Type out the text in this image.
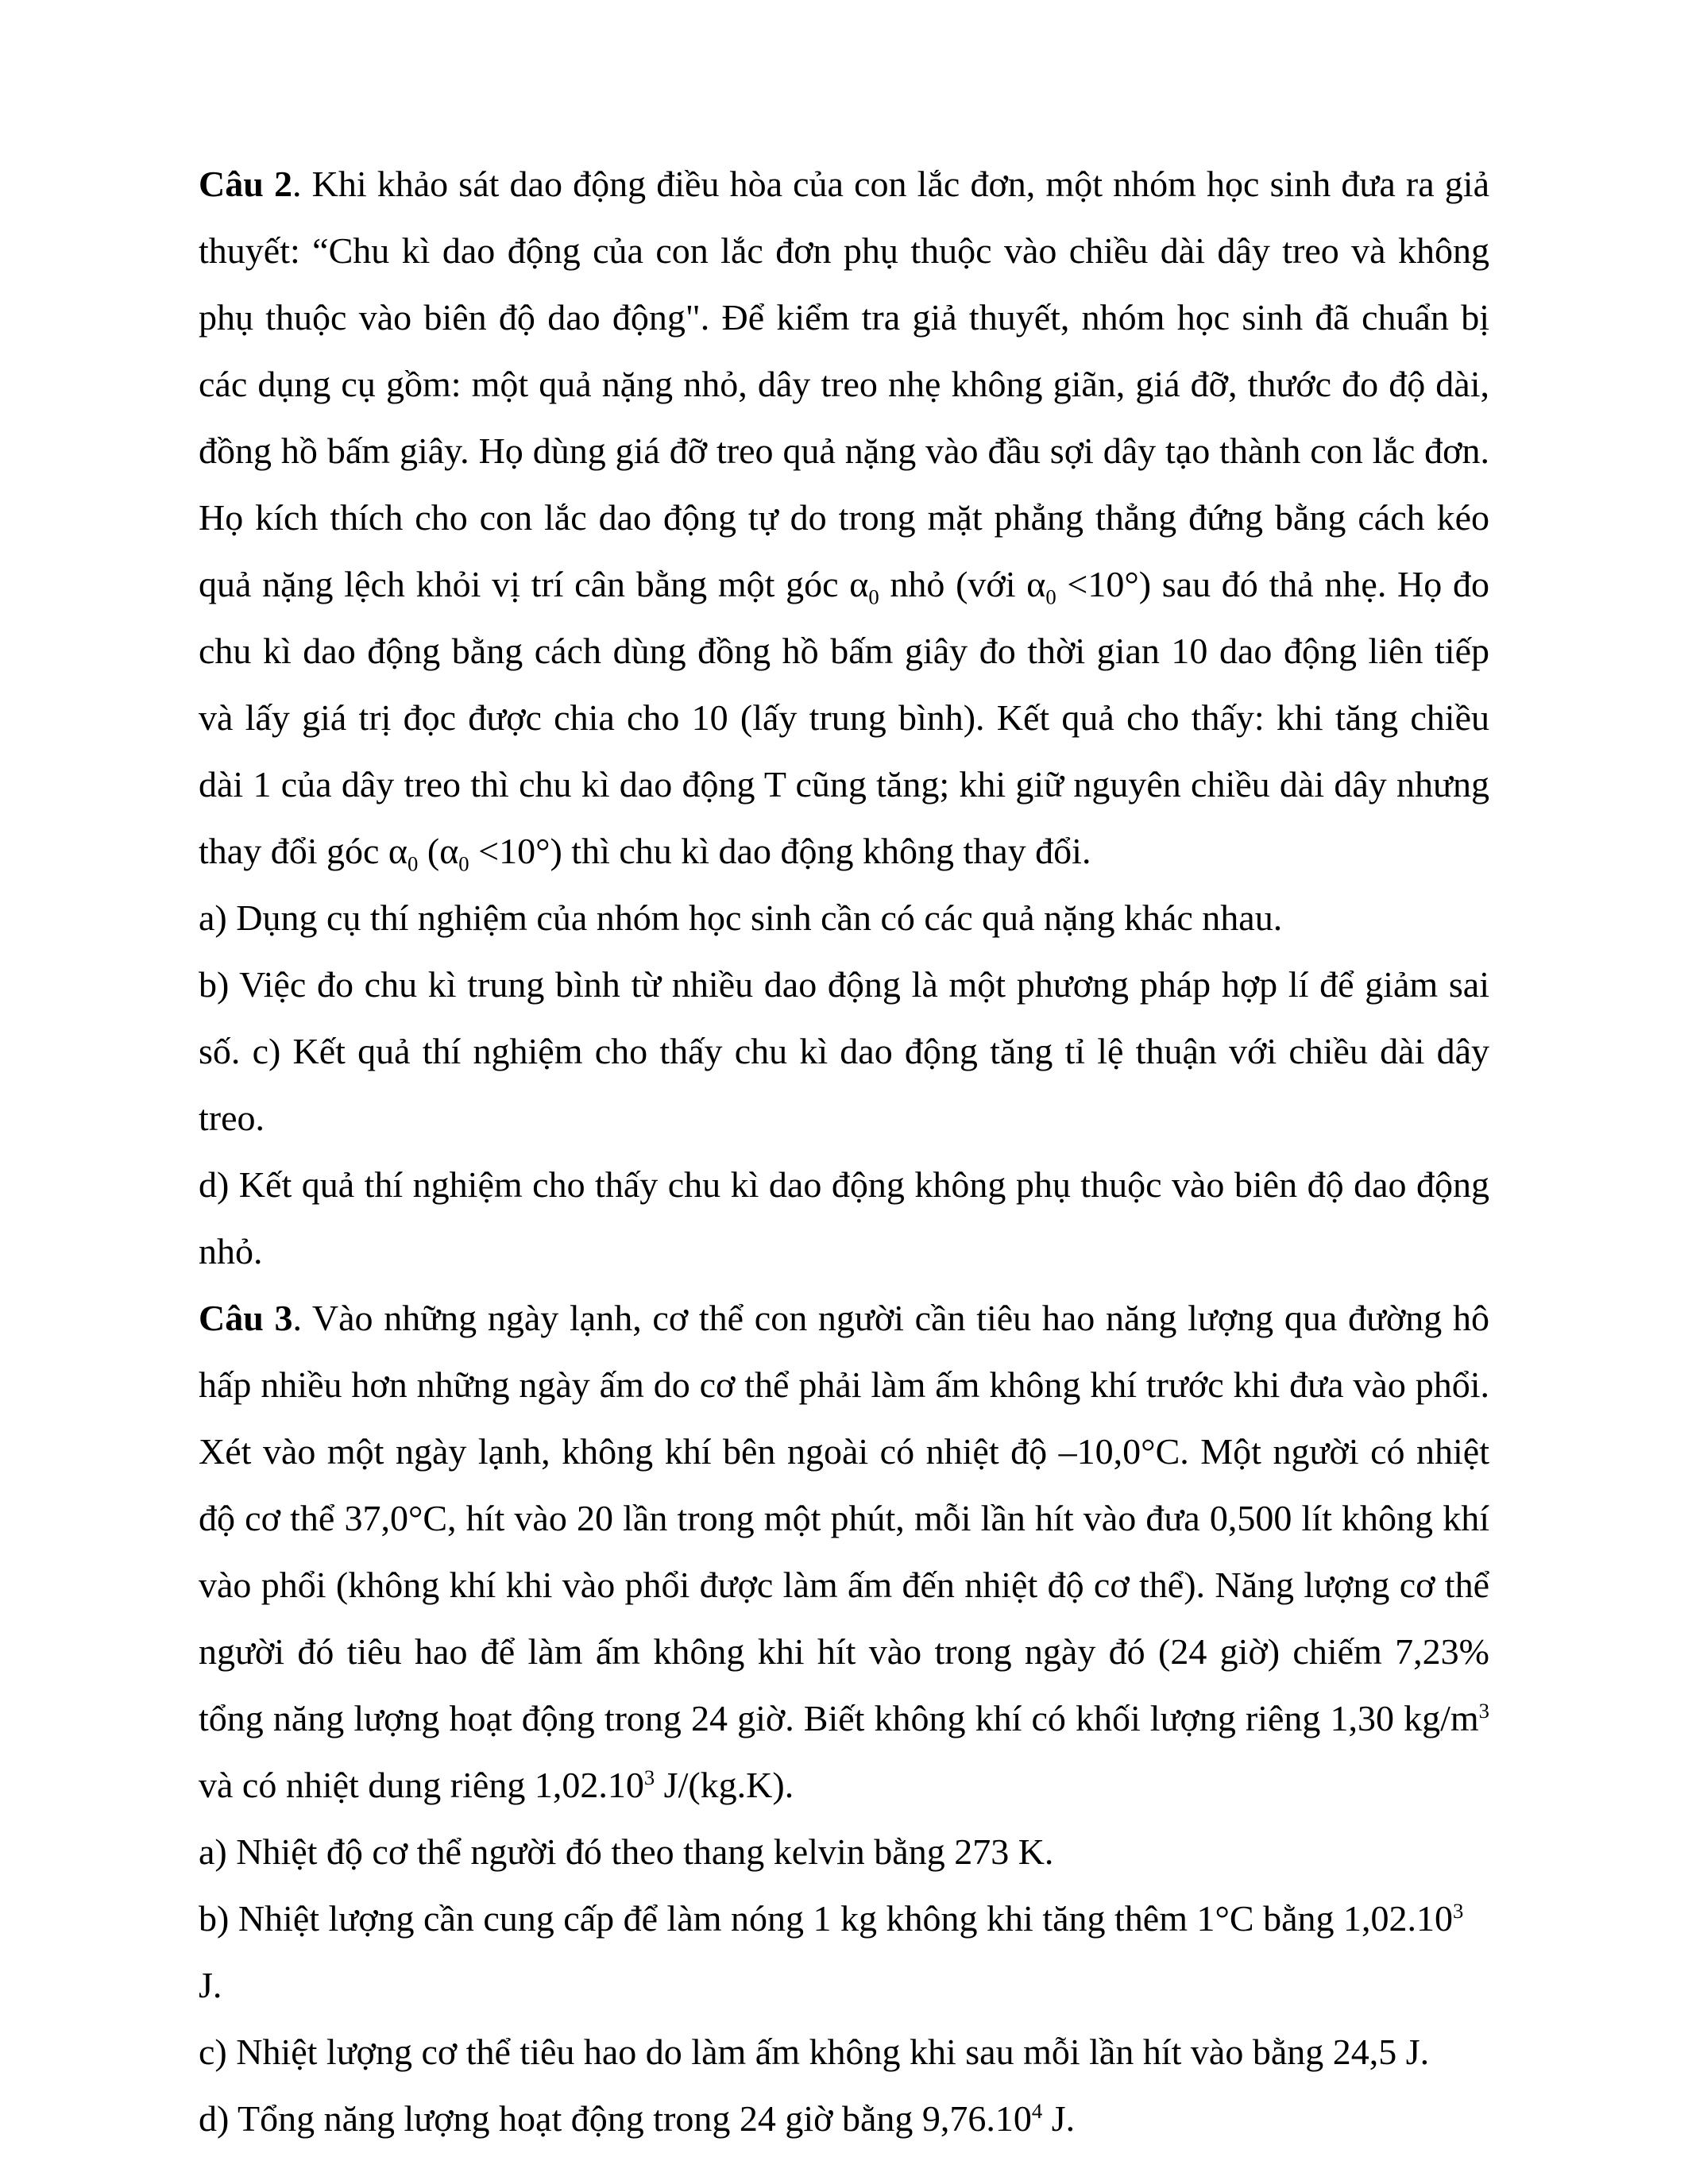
Câu 2. Khi khảo sát dao động điều hòa của con lắc đơn, một nhóm học sinh đưa ra giả thuyết: “Chu kì dao động của con lắc đơn phụ thuộc vào chiều dài dây treo và không phụ thuộc vào biên độ dao động". Để kiểm tra giả thuyết, nhóm học sinh đã chuẩn bị các dụng cụ gồm: một quả nặng nhỏ, dây treo nhẹ không giãn, giá đỡ, thước đo độ dài, đồng hồ bấm giây. Họ dùng giá đỡ treo quả nặng vào đầu sợi dây tạo thành con lắc đơn. Họ kích thích cho con lắc dao động tự do trong mặt phẳng thẳng đứng bằng cách kéo quả nặng lệch khỏi vị trí cân bằng một góc $\alpha_0$ nhỏ (với $\alpha_0 <10^\circ$) sau đó thả nhẹ. Họ đo chu kì dao động bằng cách dùng đồng hồ bấm giây đo thời gian 10 dao động liên tiếp và lấy giá trị đọc được chia cho 10 (lấy trung bình). Kết quả cho thấy: khi tăng chiều dài 1 của dây treo thì chu kì dao động T cũng tăng; khi giữ nguyên chiều dài dây nhưng thay đổi góc $\alpha_0$ $(\alpha_0 <10^\circ)$ thì chu kì dao động không thay đổi.

a) Dụng cụ thí nghiệm của nhóm học sinh cần có các quả nặng khác nhau.

b) Việc đo chu kì trung bình từ nhiều dao động là một phương pháp hợp lí để giảm sai số. c) Kết quả thí nghiệm cho thấy chu kì dao động tăng tỉ lệ thuận với chiều dài dây treo.

d) Kết quả thí nghiệm cho thấy chu kì dao động không phụ thuộc vào biên độ dao động nhỏ.

Câu 3. Vào những ngày lạnh, cơ thể con người cần tiêu hao năng lượng qua đường hô hấp nhiều hơn những ngày ấm do cơ thể phải làm ấm không khí trước khi đưa vào phổi. Xét vào một ngày lạnh, không khí bên ngoài có nhiệt độ –10,0°C. Một người có nhiệt độ cơ thể 37,0°C, hít vào 20 lần trong một phút, mỗi lần hít vào đưa 0,500 lít không khí vào phổi (không khí khi vào phổi được làm ấm đến nhiệt độ cơ thể). Năng lượng cơ thể người đó tiêu hao để làm ấm không khi hít vào trong ngày đó (24 giờ) chiếm 7,23% tổng năng lượng hoạt động trong 24 giờ. Biết không khí có khối lượng riêng 1,30 $kg/m^3$ và có nhiệt dung riêng 1,02.10$^3$ J/(kg.K).

a) Nhiệt độ cơ thể người đó theo thang kelvin bằng 273 K.

b) Nhiệt lượng cần cung cấp để làm nóng 1 kg không khi tăng thêm 1°C bằng 1,02.10$^3$ J.

c) Nhiệt lượng cơ thể tiêu hao do làm ấm không khi sau mỗi lần hít vào bằng 24,5 J.

d) Tổng năng lượng hoạt động trong 24 giờ bằng 9,76.10$^4$ J.
